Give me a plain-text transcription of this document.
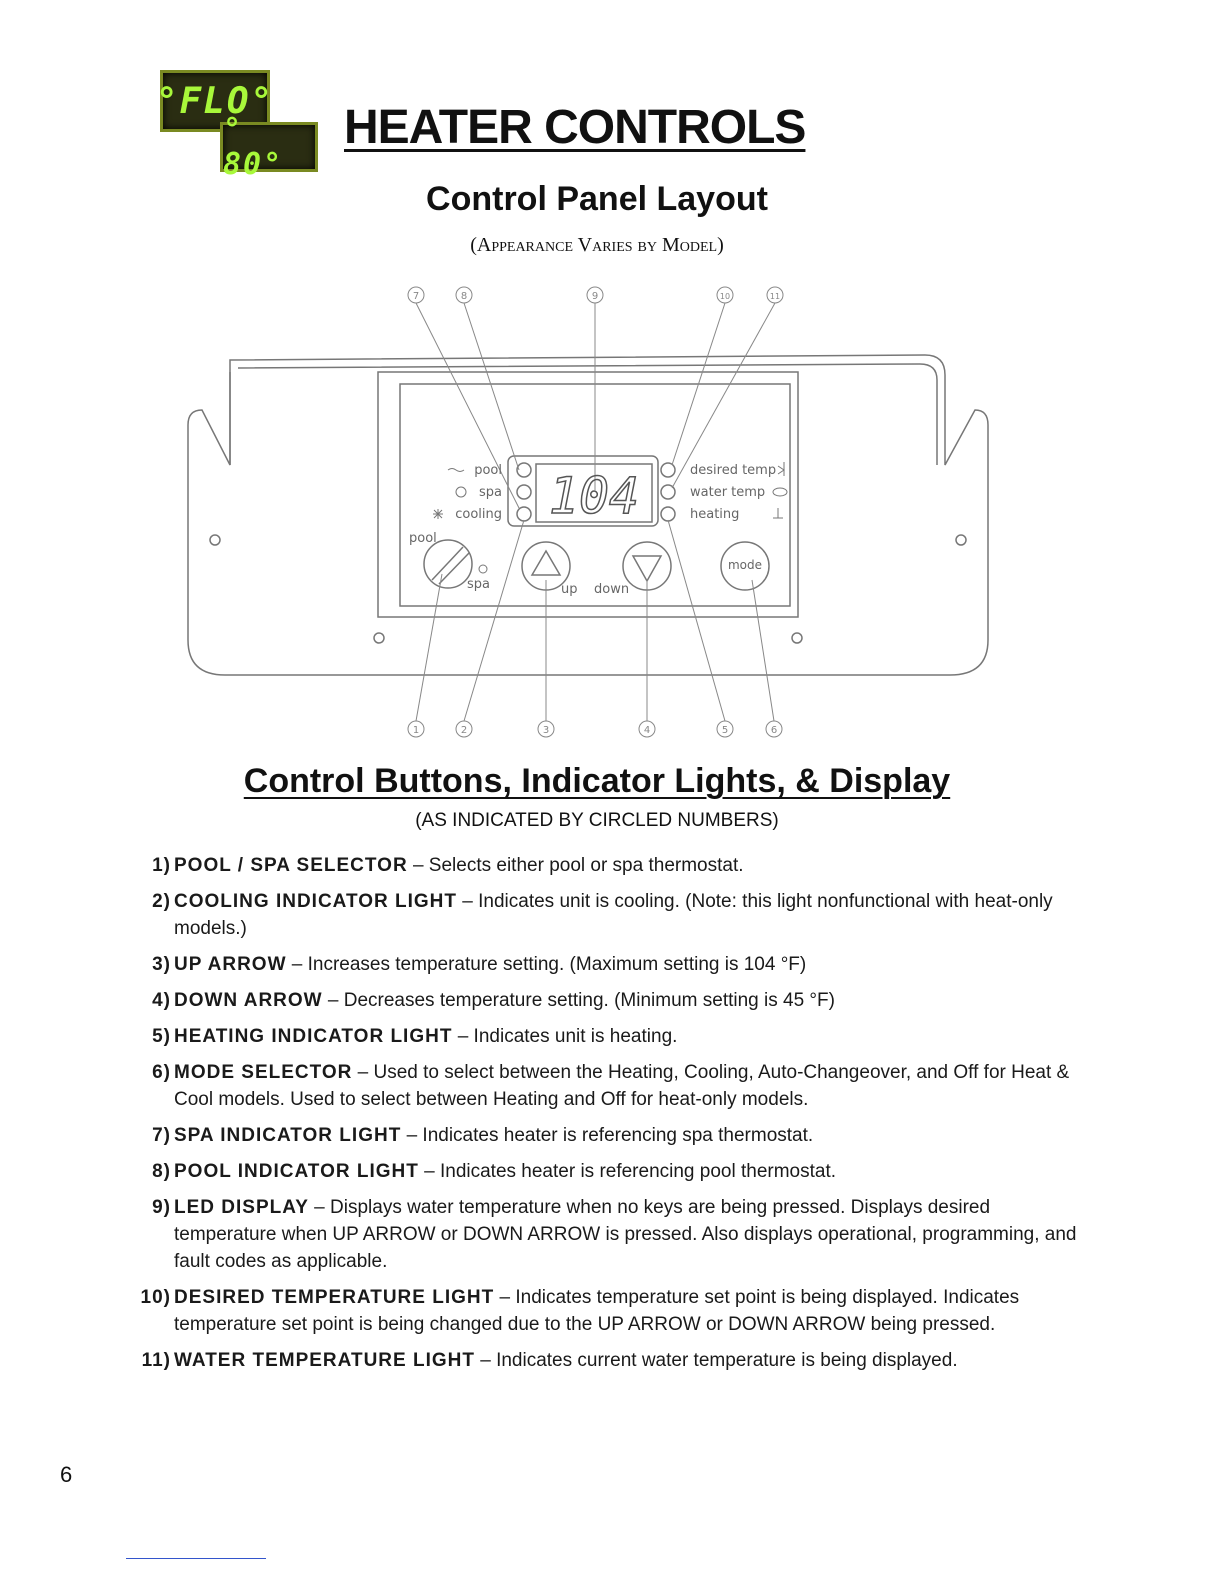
°FLO°
° 80°
HEATER CONTROLS
Control Panel Layout
(Appearance Varies by Model)
7	8	9	10	11
1	2	3	4	5	6
104
pool
spa
cooling
desired temp
water temp
heating
pool
spa	up down
mode
Control Buttons, Indicator Lights, & Display
(AS INDICATED BY CIRCLED NUMBERS)
1) POOL / SPA SELECTOR – Selects either pool or spa thermostat.
2) COOLING INDICATOR LIGHT – Indicates unit is cooling. (Note: this light nonfunctional with heat-only models.)
3) UP ARROW – Increases temperature setting. (Maximum setting is 104 °F)
4) DOWN ARROW – Decreases temperature setting. (Minimum setting is 45 °F)
5) HEATING INDICATOR LIGHT – Indicates unit is heating.
6) MODE SELECTOR – Used to select between the Heating, Cooling, Auto-Changeover, and Off for Heat & Cool models. Used to select between Heating and Off for heat-only models.
7) SPA INDICATOR LIGHT – Indicates heater is referencing spa thermostat.
8) POOL INDICATOR LIGHT – Indicates heater is referencing pool thermostat.
9) LED DISPLAY – Displays water temperature when no keys are being pressed. Displays desired temperature when UP ARROW or DOWN ARROW is pressed. Also displays operational, programming, and fault codes as applicable.
10) DESIRED TEMPERATURE LIGHT – Indicates temperature set point is being displayed. Indicates temperature set point is being changed due to the UP ARROW or DOWN ARROW being pressed.
11) WATER TEMPERATURE LIGHT – Indicates current water temperature is being displayed.
6
